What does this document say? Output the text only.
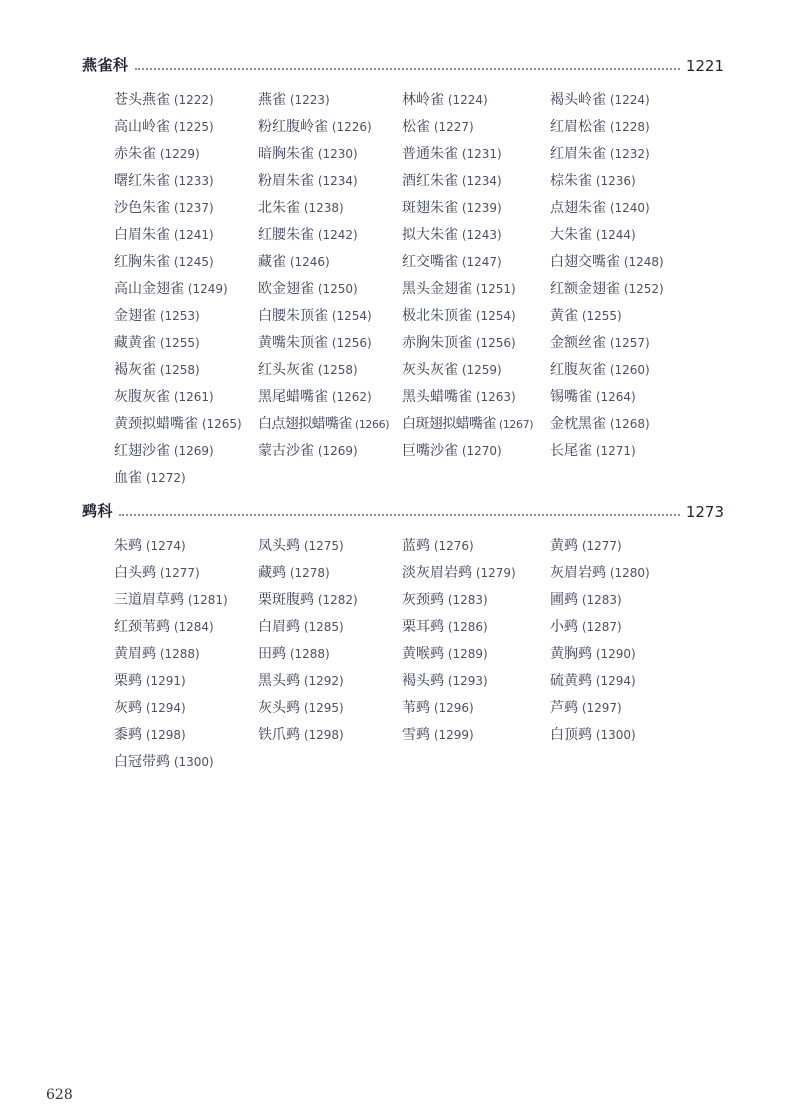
燕雀科	1221
苍头燕雀 (1222)	燕雀 (1223)	林岭雀 (1224)	褐头岭雀 (1224)
高山岭雀 (1225)	粉红腹岭雀 (1226)	松雀 (1227)	红眉松雀 (1228)
赤朱雀 (1229)	暗胸朱雀 (1230)	普通朱雀 (1231)	红眉朱雀 (1232)
曙红朱雀 (1233)	粉眉朱雀 (1234)	酒红朱雀 (1234)	棕朱雀 (1236)
沙色朱雀 (1237)	北朱雀 (1238)	斑翅朱雀 (1239)	点翅朱雀 (1240)
白眉朱雀 (1241)	红腰朱雀 (1242)	拟大朱雀 (1243)	大朱雀 (1244)
红胸朱雀 (1245)	藏雀 (1246)	红交嘴雀 (1247)	白翅交嘴雀 (1248)
高山金翅雀 (1249)	欧金翅雀 (1250)	黑头金翅雀 (1251)	红额金翅雀 (1252)
金翅雀 (1253)	白腰朱顶雀 (1254)	极北朱顶雀 (1254)	黄雀 (1255)
藏黄雀 (1255)	黄嘴朱顶雀 (1256)	赤胸朱顶雀 (1256)	金额丝雀 (1257)
褐灰雀 (1258)	红头灰雀 (1258)	灰头灰雀 (1259)	红腹灰雀 (1260)
灰腹灰雀 (1261)	黑尾蜡嘴雀 (1262)	黑头蜡嘴雀 (1263)	锡嘴雀 (1264)
黄颈拟蜡嘴雀 (1265)	白点翅拟蜡嘴雀 (1266) 白斑翅拟蜡嘴雀 (1267)	金枕黑雀 (1268)
红翅沙雀 (1269)	蒙古沙雀 (1269)	巨嘴沙雀 (1270)	长尾雀 (1271)
血雀 (1272)
鹀科	1273
朱鹀 (1274)	凤头鹀 (1275)	蓝鹀 (1276)	黄鹀 (1277)
白头鹀 (1277)	藏鹀 (1278)	淡灰眉岩鹀 (1279)	灰眉岩鹀 (1280)
三道眉草鹀 (1281)	栗斑腹鹀 (1282)	灰颈鹀 (1283)	圃鹀 (1283)
红颈苇鹀 (1284)	白眉鹀 (1285)	栗耳鹀 (1286)	小鹀 (1287)
黄眉鹀 (1288)	田鹀 (1288)	黄喉鹀 (1289)	黄胸鹀 (1290)
栗鹀 (1291)	黑头鹀 (1292)	褐头鹀 (1293)	硫黄鹀 (1294)
灰鹀 (1294)	灰头鹀 (1295)	苇鹀 (1296)	芦鹀 (1297)
黍鹀 (1298)	铁爪鹀 (1298)	雪鹀 (1299)	白顶鹀 (1300)
白冠带鹀 (1300)
628
